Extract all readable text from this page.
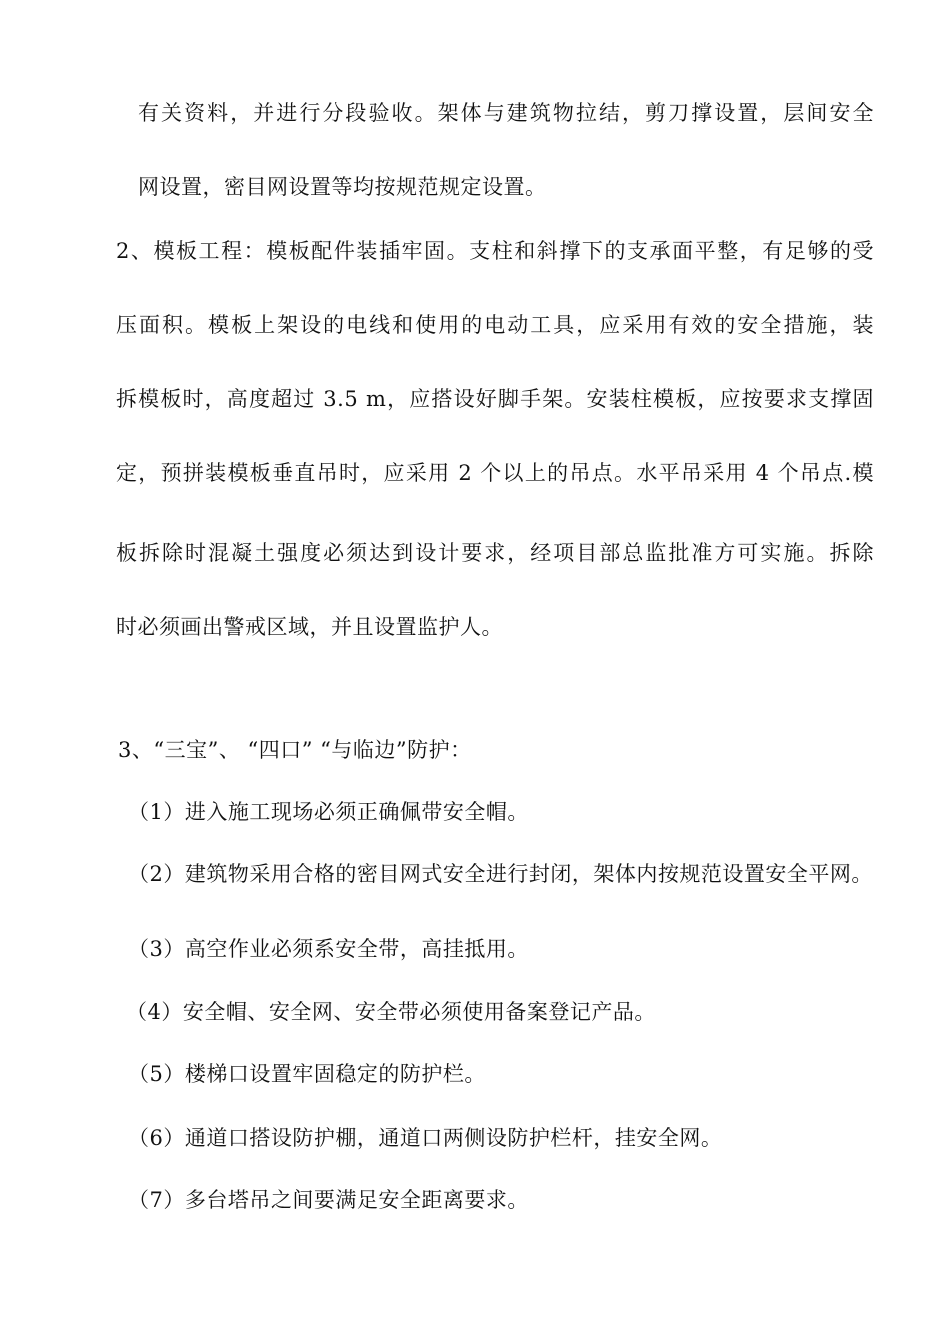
有关资料，并进行分段验收。架体与建筑物拉结，剪刀撑设置，层间安全
网设置，密目网设置等均按规范规定设置。
2、模板工程：模板配件装插牢固。支柱和斜撑下的支承面平整，有足够的受
压面积。模板上架设的电线和使用的电动工具，应采用有效的安全措施，装
拆模板时，高度超过 3.5 m，应搭设好脚手架。安装柱模板，应按要求支撑固
定，预拼装模板垂直吊时，应采用 2 个以上的吊点。水平吊采用 4 个吊点.模
板拆除时混凝土强度必须达到设计要求，经项目部总监批准方可实施。拆除
时必须画出警戒区域，并且设置监护人。
3、“三宝”、 “四口” “与临边”防护：
（1）进入施工现场必须正确佩带安全帽。
（2）建筑物采用合格的密目网式安全进行封闭，架体内按规范设置安全平网。
（3）高空作业必须系安全带，高挂抵用。
（4）安全帽、安全网、安全带必须使用备案登记产品。
（5）楼梯口设置牢固稳定的防护栏。
（6）通道口搭设防护棚，通道口两侧设防护栏杆，挂安全网。
（7）多台塔吊之间要满足安全距离要求。
